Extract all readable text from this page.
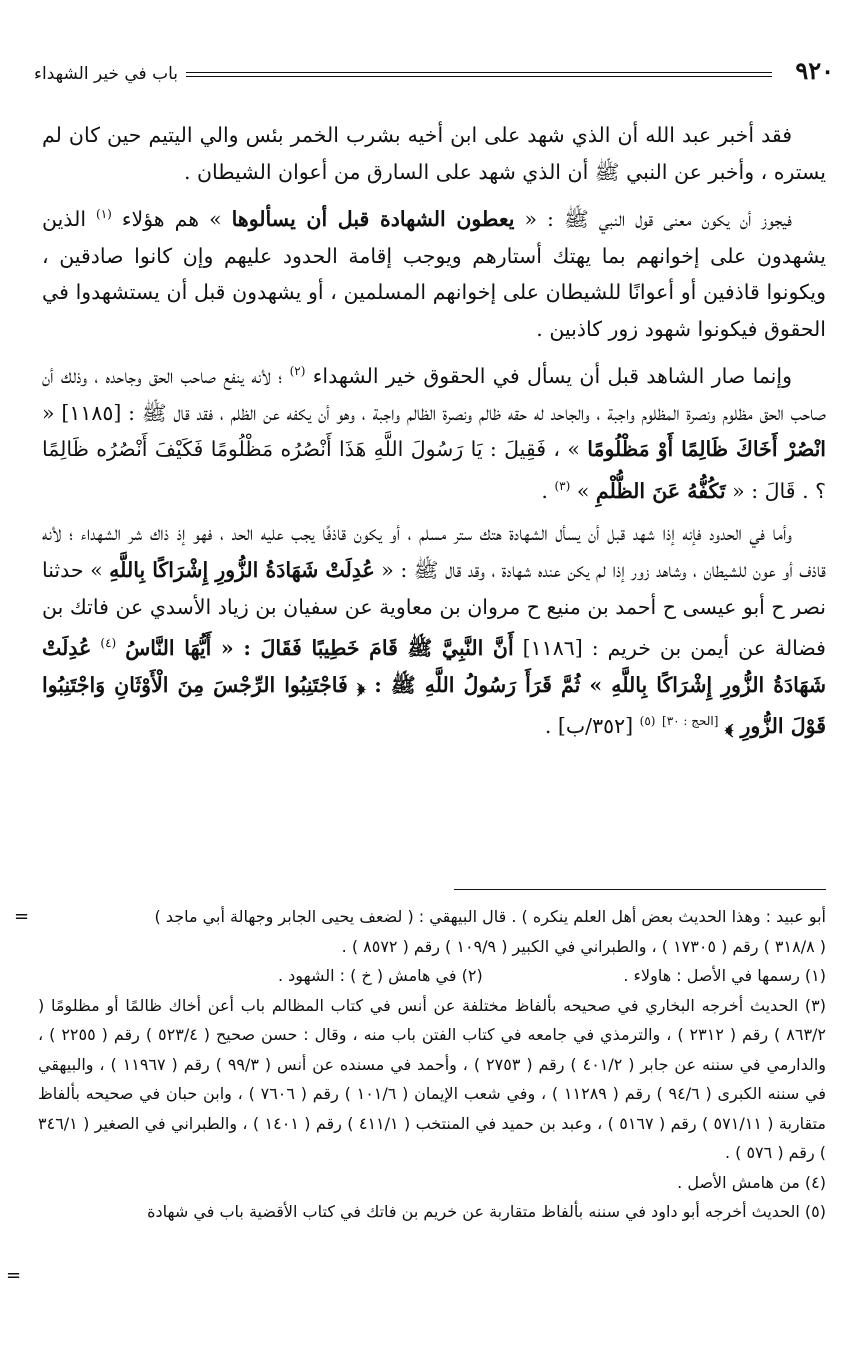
٩٢٠
باب في خير الشهداء

فقد أخبر عبد الله أن الذي شهد على ابن أخيه بشرب الخمر بئس والي اليتيم حين كان لم يستره ، وأخبر عن النبي ﷺ أن الذي شهد على السارق من أعوان الشيطان .

فيجوز أن يكون معنى قول النبي ﷺ : « يعطون الشهادة قبل أن يسألوها » هم هؤلاء $^{(١)}$ الذين يشهدون على إخوانهم بما يهتك أستارهم ويوجب إقامة الحدود عليهم وإن كانوا صادقين ، ويكونوا قاذفين أو أعوانًا للشيطان على إخوانهم المسلمين ، أو يشهدون قبل أن يستشهدوا في الحقوق فيكونوا شهود زور كاذبين .

وإنما صار الشاهد قبل أن يسأل في الحقوق خير الشهداء $^{(٢)}$ ؛ لأنه ينفع صاحب الحق وجاحده ، وذلك أن صاحب الحق مظلوم ونصرة المظلوم واجبة ، والجاحد له حقه ظالم ونصرة الظالم واجبة ، وهو أن يكفه عن الظلم ، فقد قال ﷺ : [١١٨٥] « انْصُرْ أَخَاكَ ظَالِمًا أَوْ مَظْلُومًا » ، فَقِيلَ : يَا رَسُولَ اللَّهِ هَذَا أَنْصُرُه مَظْلُومًا فَكَيْفَ أَنْصُرُه ظَالِمًا ؟ . قَالَ : « تَكُفُّهُ عَنَ الظُّلْمِ » $^{(٣)}$ .

وأما في الحدود فإنه إذا شهد قبل أن يسأل الشهادة هتك ستر مسلم ، أو يكون قاذفًا يجب عليه الحد ، فهو إذ ذاك شر الشهداء ؛ لأنه قاذف أو عون للشيطان ، وشاهد زور إذا لم يكن عنده شهادة ، وقد قال ﷺ : « عُدِلَتْ شَهَادَةُ الزُّورِ إِشْرَاكًا بِاللَّهِ » حدثنا نصر ح أبو عيسى ح أحمد بن منيع ح مروان بن معاوية عن سفيان بن زياد الأسدي عن فاتك بن فضالة عن أيمن بن خريم : [١١٨٦] أَنَّ النَّبِيَّ ﷺ قَامَ خَطِيبًا فَقَالَ : « أَيُّهَا النَّاسُ $^{(٤)}$ عُدِلَتْ شَهَادَةُ الزُّورِ إِشْرَاكًا بِاللَّهِ » ثُمَّ قَرَأَ رَسُولُ اللَّهِ ﷺ : ﴿ فَاجْتَنِبُوا الرِّجْسَ مِنَ الْأَوْثَانِ وَاجْتَنِبُوا قَوْلَ الزُّورِ ﴾ [الحج : ٣٠] $^{(٥)}$ [٣٥٢/ب] .

=	أبو عبيد : وهذا الحديث بعض أهل العلم ينكره ) . قال البيهقي : ( لضعف يحيى الجابر وجهالة أبي ماجد )

( ٣١٨/٨ ) رقم ( ١٧٣٠٥ ) ، والطبراني في الكبير ( ١٠٩/٩ ) رقم ( ٨٥٧٢ ) .

(١) رسمها في الأصل : هاولاء .
(٢) في هامش ( خ ) : الشهود .

(٣) الحديث أخرجه البخاري في صحيحه بألفاظ مختلفة عن أنس في كتاب المظالم باب أعن أخاك ظالمًا أو مظلومًا ( ٨٦٣/٢ ) رقم ( ٢٣١٢ ) ، والترمذي في جامعه في كتاب الفتن باب منه ، وقال : حسن صحيح ( ٥٢٣/٤ ) رقم ( ٢٢٥٥ ) ، والدارمي في سننه عن جابر ( ٤٠١/٢ ) رقم ( ٢٧٥٣ ) ، وأحمد في مسنده عن أنس ( ٩٩/٣ ) رقم ( ١١٩٦٧ ) ، والبيهقي في سننه الكبرى ( ٩٤/٦ ) رقم ( ١١٢٨٩ ) ، وفي شعب الإيمان ( ١٠١/٦ ) رقم ( ٧٦٠٦ ) ، وابن حبان في صحيحه بألفاظ متقاربة ( ٥٧١/١١ ) رقم ( ٥١٦٧ ) ، وعبد بن حميد في المنتخب ( ٤١١/١ ) رقم ( ١٤٠١ ) ، والطبراني في الصغير ( ٣٤٦/١ ) رقم ( ٥٧٦ ) .

(٤) من هامش الأصل .

(٥) الحديث أخرجه أبو داود في سننه بألفاظ متقاربة عن خريم بن فاتك في كتاب الأقضية باب في شهادة

=
